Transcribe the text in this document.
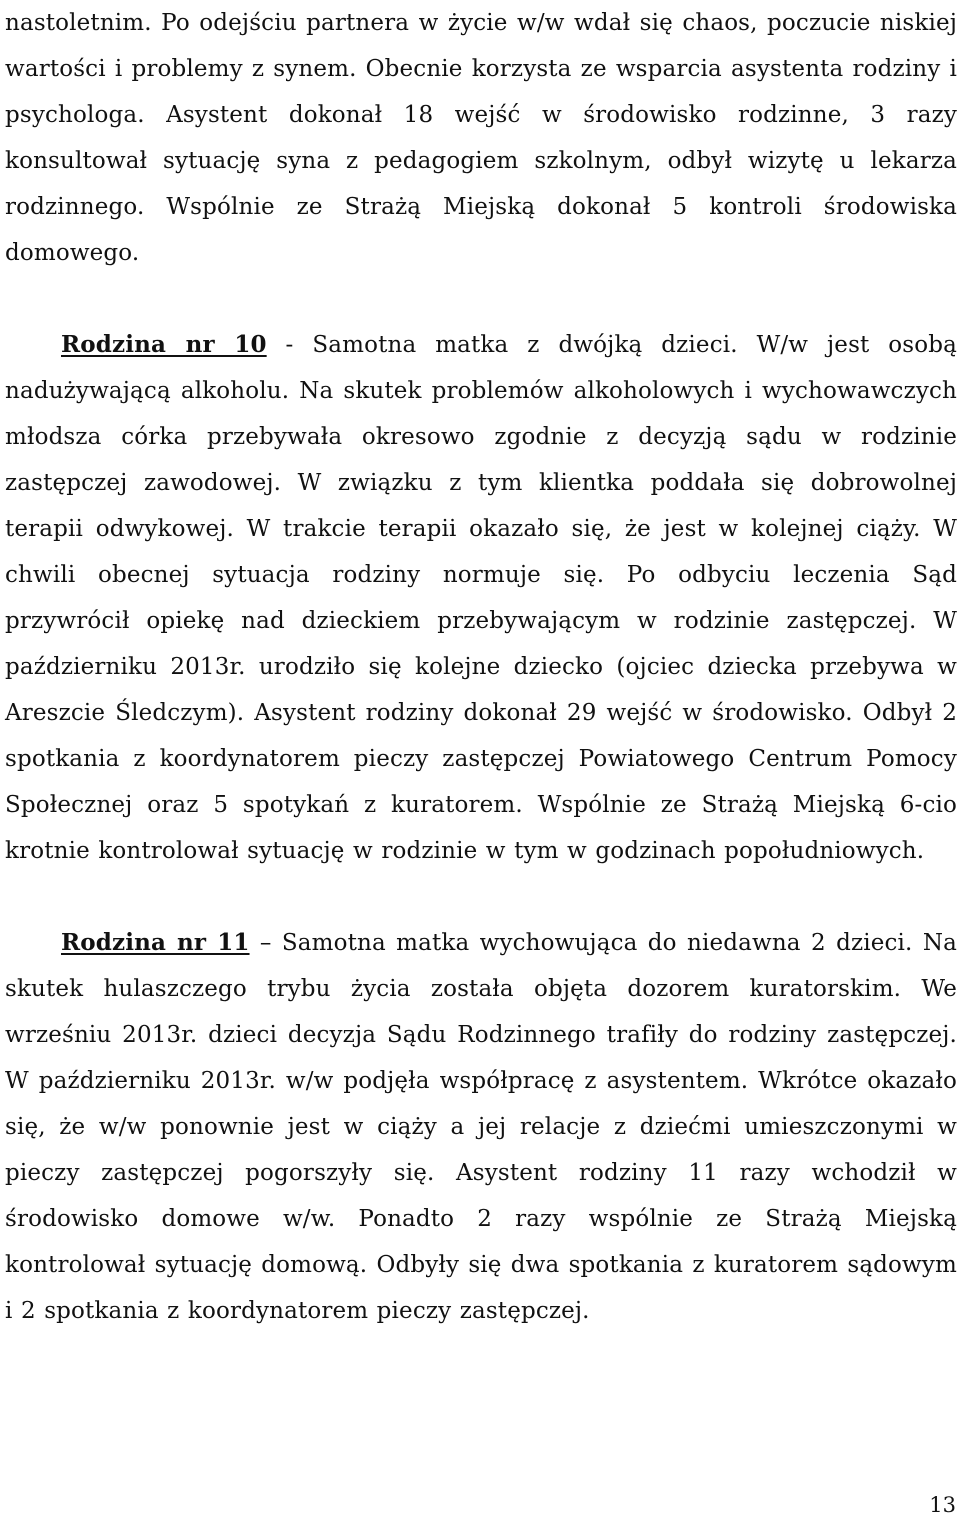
nastoletnim. Po odejściu partnera w życie w/w wdał się chaos, poczucie niskiej wartości i problemy z synem. Obecnie korzysta ze wsparcia asystenta rodziny i psychologa. Asystent dokonał 18 wejść w środowisko rodzinne, 3 razy konsultował sytuację syna z pedagogiem szkolnym, odbył wizytę u lekarza rodzinnego. Wspólnie ze Strażą Miejską dokonał 5 kontroli środowiska domowego.

Rodzina nr 10 - Samotna matka z dwójką dzieci. W/w jest osobą nadużywającą alkoholu. Na skutek problemów alkoholowych i wychowawczych młodsza córka przebywała okresowo zgodnie z decyzją sądu w rodzinie zastępczej zawodowej. W związku z tym klientka poddała się dobrowolnej terapii odwykowej. W trakcie terapii okazało się, że jest w kolejnej ciąży. W chwili obecnej sytuacja rodziny normuje się. Po odbyciu leczenia Sąd przywrócił opiekę nad dzieckiem przebywającym w rodzinie zastępczej. W październiku 2013r. urodziło się kolejne dziecko (ojciec dziecka przebywa w Areszcie Śledczym). Asystent rodziny dokonał 29 wejść w środowisko. Odbył 2 spotkania z koordynatorem pieczy zastępczej Powiatowego Centrum Pomocy Społecznej oraz 5 spotykań z kuratorem. Wspólnie ze Strażą Miejską 6-cio krotnie kontrolował sytuację w rodzinie w tym w godzinach popołudniowych.

Rodzina nr 11 – Samotna matka wychowująca do niedawna 2 dzieci. Na skutek hulaszczego trybu życia została objęta dozorem kuratorskim. We wrześniu 2013r. dzieci decyzja Sądu Rodzinnego trafiły do rodziny zastępczej. W październiku 2013r. w/w podjęła współpracę z asystentem. Wkrótce okazało się, że w/w ponownie jest w ciąży a jej relacje z dziećmi umieszczonymi w pieczy zastępczej pogorszyły się. Asystent rodziny 11 razy wchodził w środowisko domowe w/w. Ponadto 2 razy wspólnie ze Strażą Miejską kontrolował sytuację domową. Odbyły się dwa spotkania z kuratorem sądowym i 2 spotkania z koordynatorem pieczy zastępczej.

13
